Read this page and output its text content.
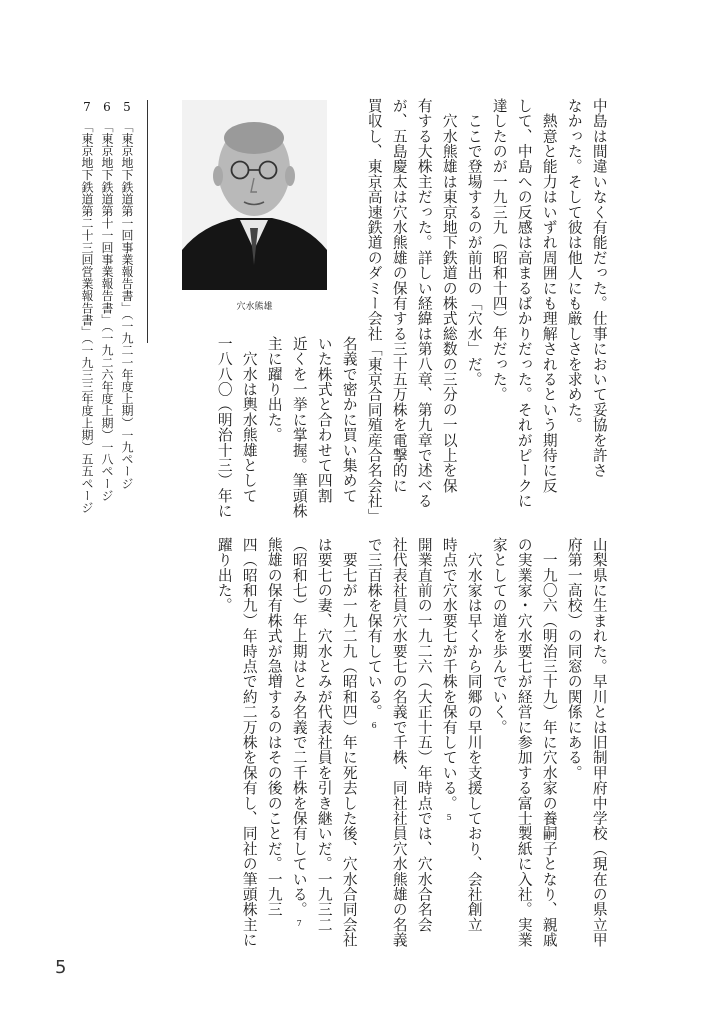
中島は間違いなく有能だった。仕事において妥協を許さ

なかった。そして彼は他人にも厳しさを求めた。

　熱意と能力はいずれ周囲にも理解されるという期待に反

して、中島への反感は高まるばかりだった。それがピークに

達したのが一九三九（昭和十四）年だった。

　ここで登場するのが前出の「穴水」だ。

　穴水熊雄は東京地下鉄道の株式総数の三分の一以上を保

有する大株主だった。詳しい経緯は第八章、第九章で述べる

が、五島慶太は穴水熊雄の保有する三十五万株を電撃的に

買収し、東京高速鉄道のダミー会社「東京合同殖産合名会社」

名義で密かに買い集めて

いた株式と合わせて四割

近くを一挙に掌握。筆頭株

主に躍り出た。

　穴水は輿水熊雄として

一八八〇（明治十三）年に

穴水熊雄

山梨県に生まれた。早川とは旧制甲府中学校（現在の県立甲

府第一高校）の同窓の関係にある。

　一九〇六（明治三十九）年に穴水家の養嗣子となり、親戚

の実業家・穴水要七が経営に参加する富士製紙に入社。実業

家としての道を歩んでいく。

　穴水家は早くから同郷の早川を支援しており、会社創立

時点で穴水要七が千株を保有している。5

開業直前の一九二六（大正十五）年時点では、穴水合名会

社代表社員穴水要七の名義で千株、同社社員穴水熊雄の名義

で三百株を保有している。6

　要七が一九二九（昭和四）年に死去した後、穴水合同会社

は要七の妻、穴水とみが代表社員を引き継いだ。一九三二

（昭和七）年上期はとみ名義で二千株を保有している。7

熊雄の保有株式が急増するのはその後のことだ。一九三

四（昭和九）年時点で約二万株を保有し、同社の筆頭株主に

躍り出た。

5　「東京地下鉄道第一回事業報告書」（一九二一年度上期）一九ページ

6　「東京地下鉄道第十一回事業報告書」（一九二六年度上期）一八ページ

7　「東京地下鉄道第二十三回営業報告書」（一九三三年度上期）五五ページ

5
